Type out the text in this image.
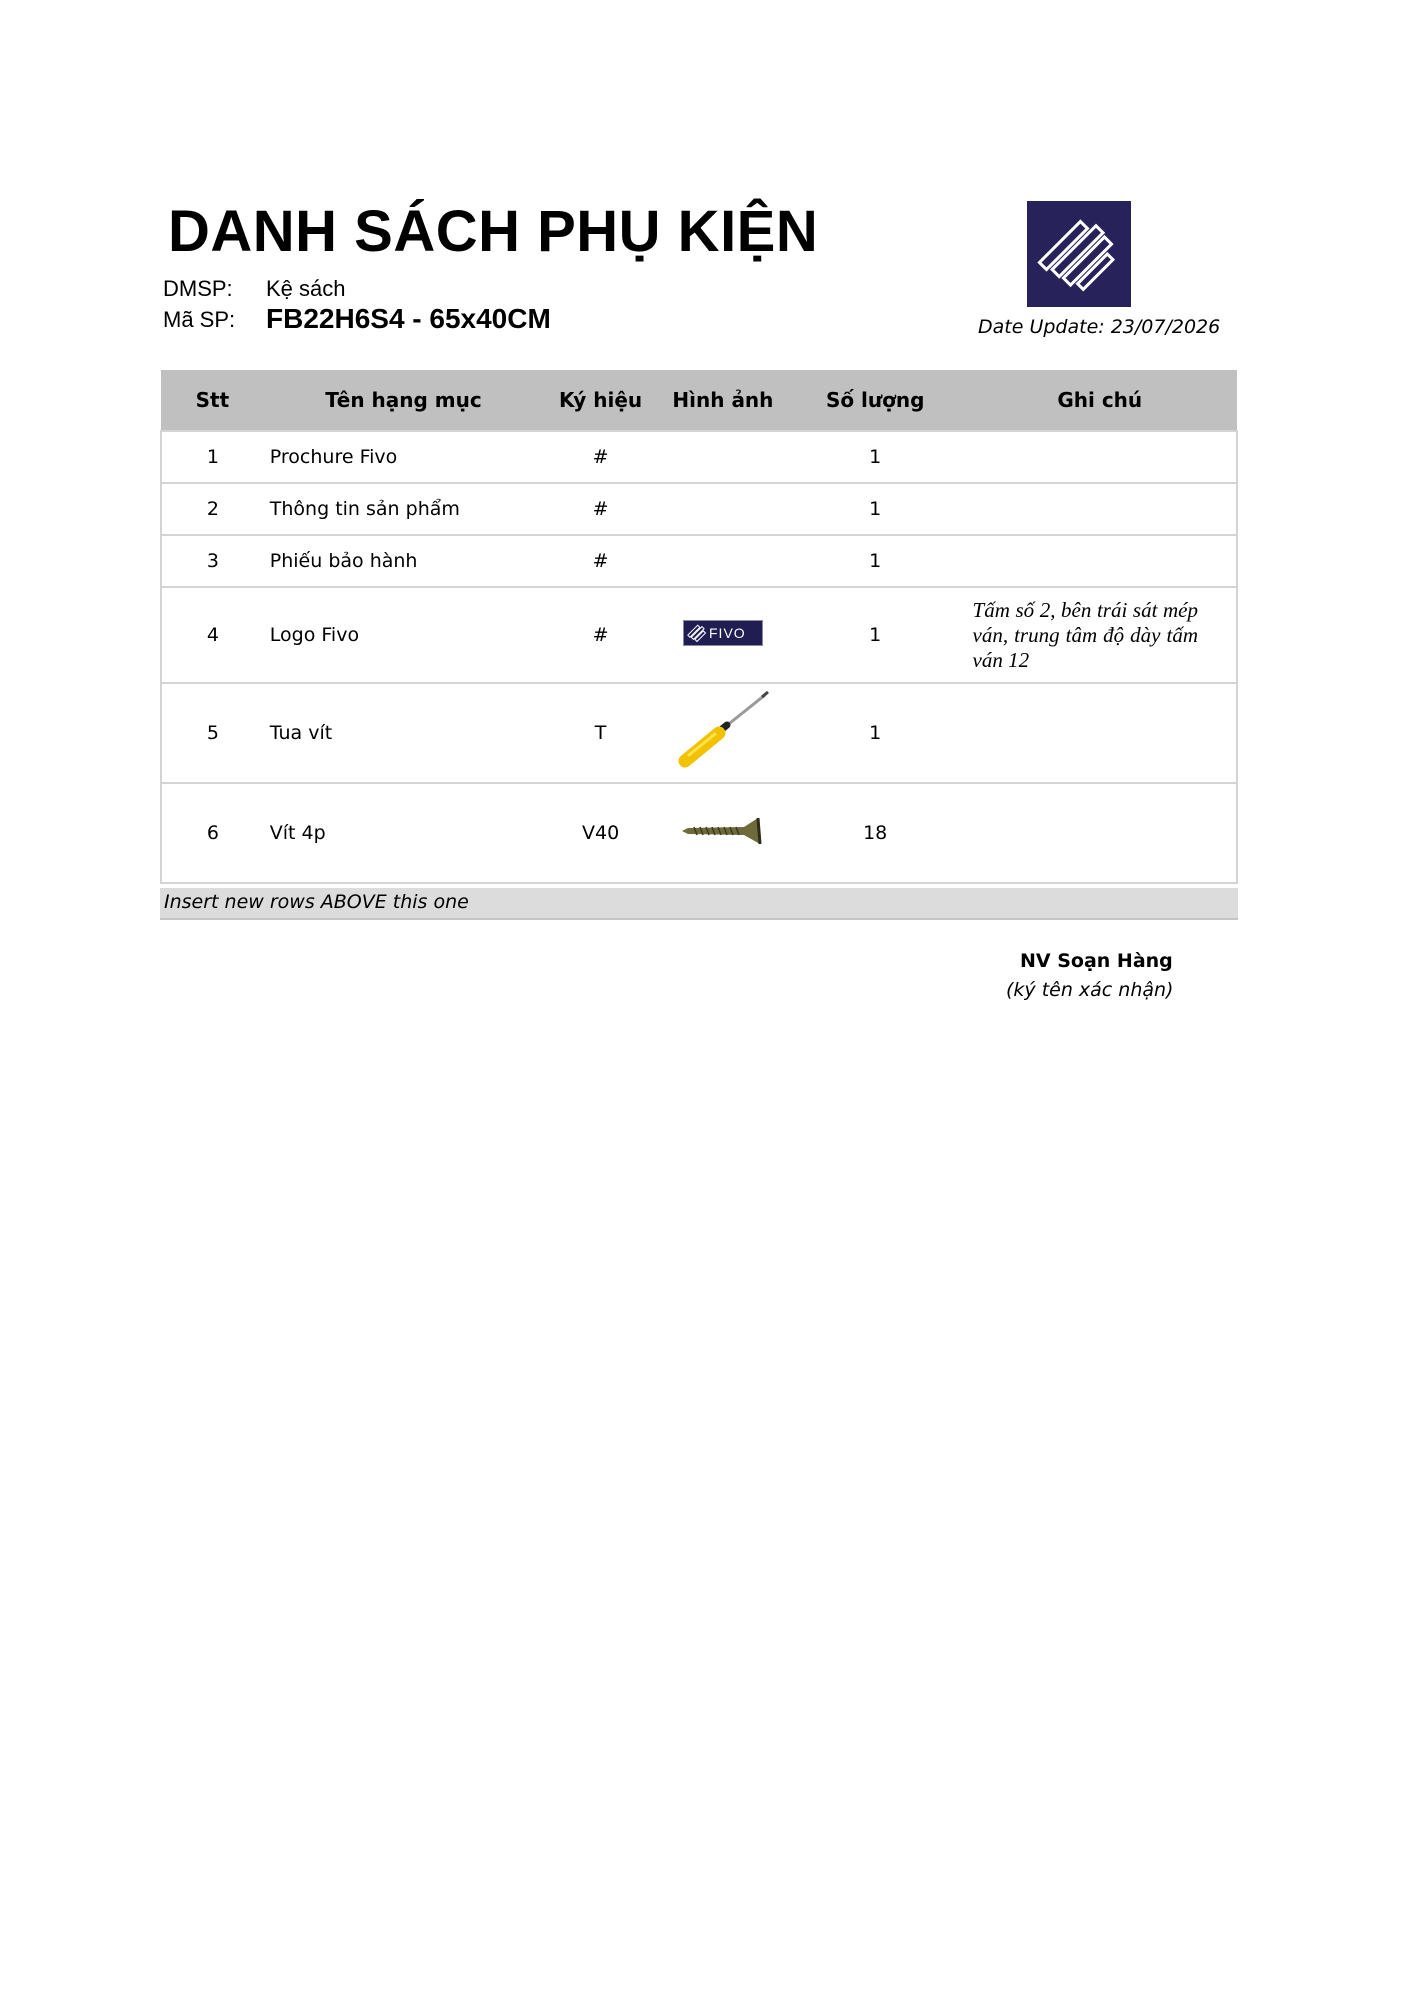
DANH SÁCH PHỤ KIỆN
DMSP: Kệ sách
Mã SP: FB22H6S4 - 65x40CM	Date Update: 23/07/2026
Stt	Tên hạng mục	Ký hiệu	Hình ảnh	Số lượng	Ghi chú
1	Prochure Fivo	#		1	
2	Thông tin sản phẩm	#		1	
3	Phiếu bảo hành	#		1	
4	Logo Fivo	#	FIVO	1	Tấm số 2, bên trái sát mép ván, trung tâm độ dày tấm ván 12
5	Tua vít	T		1	
6	Vít 4p	V40		18	
Insert new rows ABOVE this one
NV Soạn Hàng
(ký tên xác nhận)
